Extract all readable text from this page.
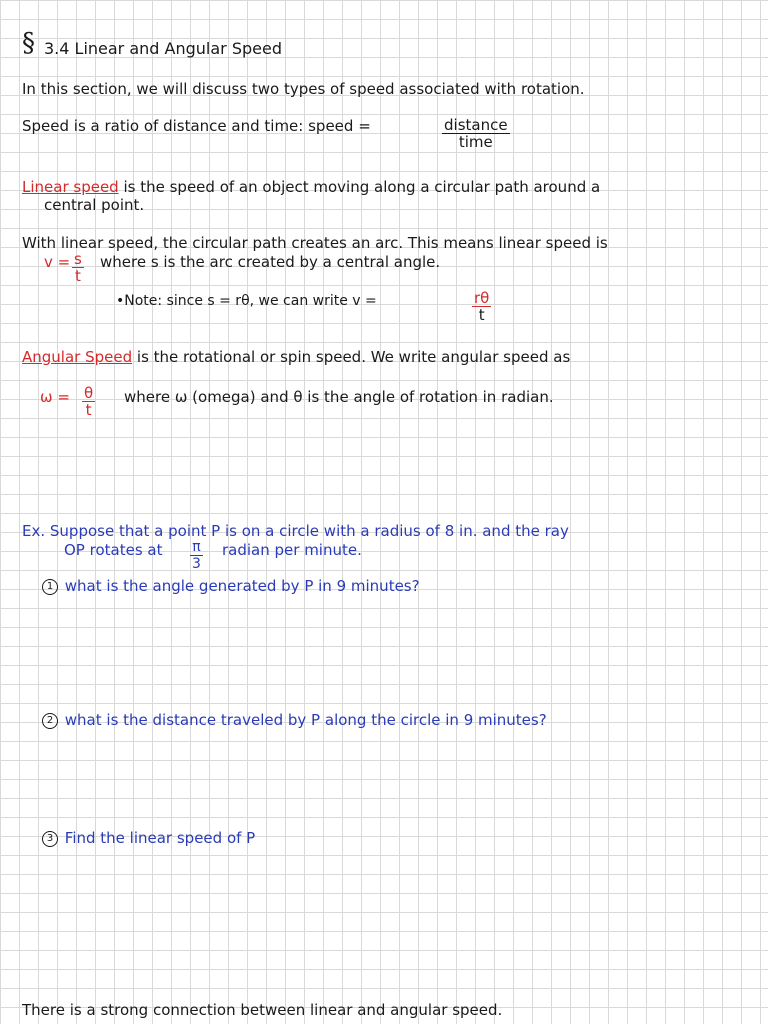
§ 3.4 Linear and Angular Speed
In this section, we will discuss two types of speed associated with rotation.
Speed is a ratio of distance and time: speed =	distance
time
Linear speed is the speed of an object moving along a circular path around a
central point.
With linear speed, the circular path creates an arc. This means linear speed is
$v = \frac{s}{t}$ where s is the arc created by a central angle.
•Note: since s = rθ, we can write v =	$\frac{r\theta}{t}$
Angular Speed is the rotational or spin speed. We write angular speed as
$\omega = \frac{\theta}{t}$ where ω (omega) and θ is the angle of rotation in radian.
Ex. Suppose that a point P is on a circle with a radius of 8 in. and the ray
OP rotates at $\frac{\pi}{3}$ radian per minute.
1 what is the angle generated by P in 9 minutes?
2 what is the distance traveled by P along the circle in 9 minutes?
3 Find the linear speed of P
There is a strong connection between linear and angular speed.
